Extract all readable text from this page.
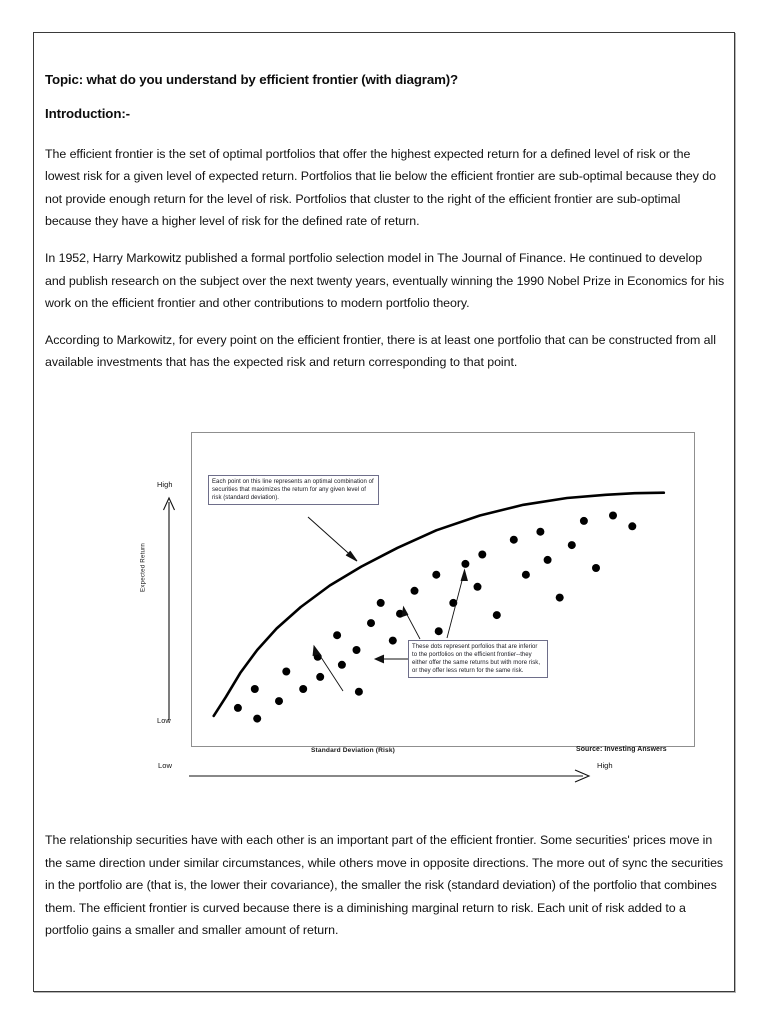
Topic: what do you understand by efficient frontier (with diagram)?
Introduction:-

The efficient frontier is the set of optimal portfolios that offer the highest expected return for a defined level of risk or the lowest risk for a given level of expected return. Portfolios that lie below the efficient frontier are sub-optimal because they do not provide enough return for the level of risk. Portfolios that cluster to the right of the efficient frontier are sub-optimal because they have a higher level of risk for the defined rate of return.

In 1952, Harry Markowitz published a formal portfolio selection model in The Journal of Finance. He continued to develop and publish research on the subject over the next twenty years, eventually winning the 1990 Nobel Prize in Economics for his work on the efficient frontier and other contributions to modern portfolio theory.

According to Markowitz, for every point on the efficient frontier, there is at least one portfolio that can be constructed from all available investments that has the expected risk and return corresponding to that point.

Expected Return
High
Low
Each point on this line represents an optimal combination of securities that maximizes the return for any given level of risk (standard deviation).
These dots represent porfolios that are inferior to the portfolios on the efficient frontier--they either offer the same returns but with more risk, or they offer less return for the same risk.
Standard Deviation (Risk)
Low	High
Source: Investing Answers

The relationship securities have with each other is an important part of the efficient frontier. Some securities' prices move in the same direction under similar circumstances, while others move in opposite directions. The more out of sync the securities in the portfolio are (that is, the lower their covariance), the smaller the risk (standard deviation) of the portfolio that combines them. The efficient frontier is curved because there is a diminishing marginal return to risk. Each unit of risk added to a portfolio gains a smaller and smaller amount of return.
